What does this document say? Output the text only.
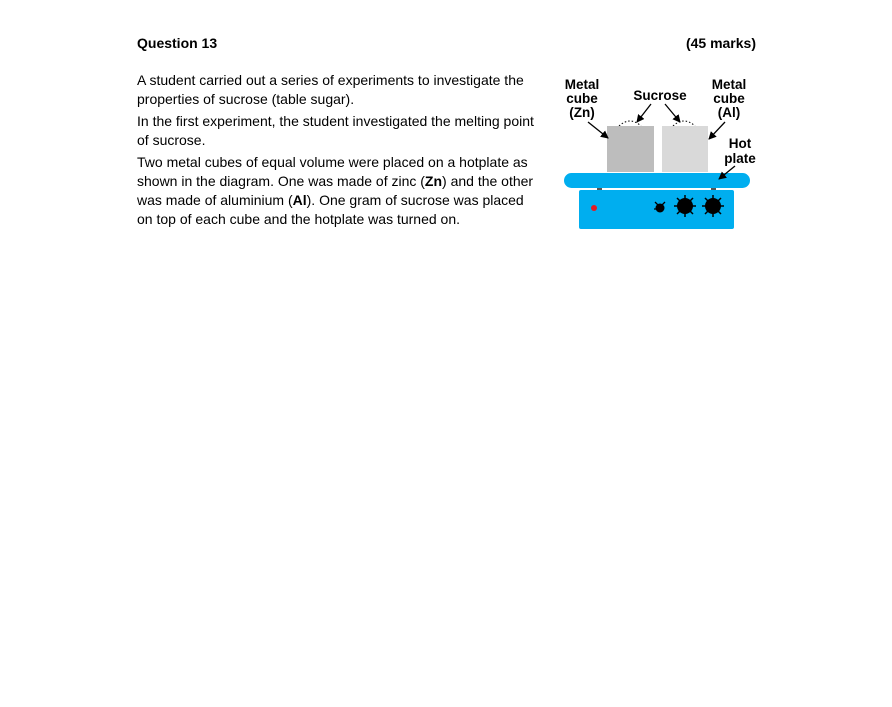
Question 13	(45 marks)

A student carried out a series of experiments to investigate the properties of sucrose (table sugar).

In the first experiment, the student investigated the melting point of sucrose.

Two metal cubes of equal volume were placed on a hotplate as shown in the diagram. One was made of zinc (Zn) and the other was made of aluminium (Al). One gram of sucrose was placed on top of each cube and the hotplate was turned on.

Metal
cube
(Zn)
Sucrose
Metal
cube
(Al)
Hot
plate
